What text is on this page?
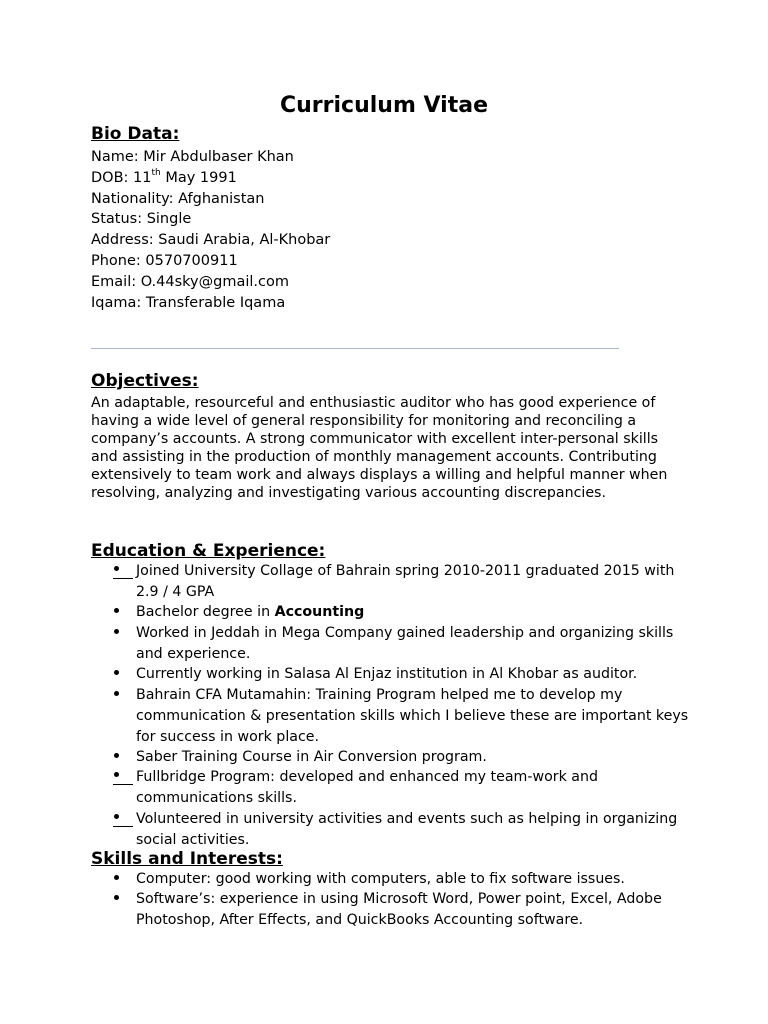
Curriculum Vitae
Bio Data:
Name: Mir Abdulbaser Khan
DOB: 11th May 1991
Nationality: Afghanistan
Status: Single
Address: Saudi Arabia, Al-Khobar
Phone: 0570700911
Email: O.44sky@gmail.com
Iqama: Transferable Iqama
Objectives:

An adaptable, resourceful and enthusiastic auditor who has good experience of having a wide level of general responsibility for monitoring and reconciling a company’s accounts. A strong communicator with excellent inter-personal skills and assisting in the production of monthly management accounts. Contributing extensively to team work and always displays a willing and helpful manner when resolving, analyzing and investigating various accounting discrepancies.

Education & Experience:
Joined University Collage of Bahrain spring 2010-2011 graduated 2015 with 2.9 / 4 GPA
Bachelor degree in Accounting
Worked in Jeddah in Mega Company gained leadership and organizing skills and experience.
Currently working in Salasa Al Enjaz institution in Al Khobar as auditor.
Bahrain CFA Mutamahin: Training Program helped me to develop my communication & presentation skills which I believe these are important keys for success in work place.
Saber Training Course in Air Conversion program.
Fullbridge Program: developed and enhanced my team-work and communications skills.
Volunteered in university activities and events such as helping in organizing social activities.
Skills and Interests:
Computer: good working with computers, able to fix software issues.
Software’s: experience in using Microsoft Word, Power point, Excel, Adobe Photoshop, After Effects, and QuickBooks Accounting software.
